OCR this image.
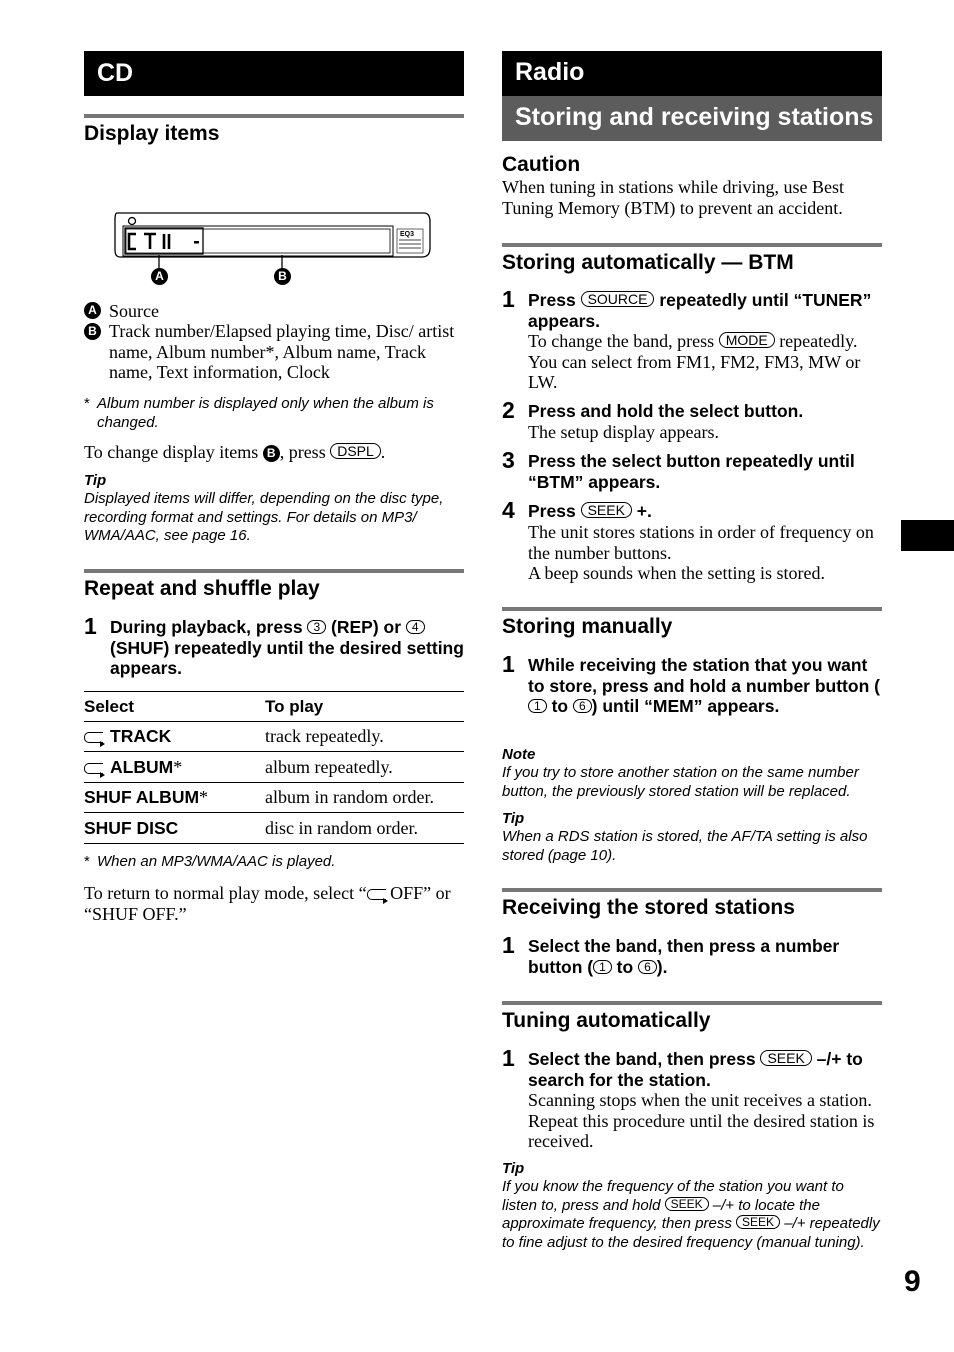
CD
Display items
EQ3
A	B
A Source
B Track number/Elapsed playing time, Disc/ artist name, Album number*, Album name, Track name, Text information, Clock
* Album number is displayed only when the album is changed.
To change display items B , press DSPL .
Tip
Displayed items will differ, depending on the disc type, recording format and settings. For details on MP3/ WMA/AAC, see page 16.
Repeat and shuffle play
1 During playback, press 3 (REP) or 4 (SHUF) repeatedly until the desired setting appears.
Select	To play
TRACK	track repeatedly.
ALBUM*	album repeatedly.
SHUF ALBUM*	album in random order.
SHUF DISC	disc in random order.
* When an MP3/WMA/AAC is played.
To return to normal play mode, select “ OFF” or “SHUF OFF.”
Radio
Storing and receiving stations
Caution
When tuning in stations while driving, use Best Tuning Memory (BTM) to prevent an accident.
Storing automatically — BTM
1 Press SOURCE repeatedly until “TUNER” appears.
To change the band, press MODE repeatedly. You can select from FM1, FM2, FM3, MW or LW.
2 Press and hold the select button.
The setup display appears.
3 Press the select button repeatedly until “BTM” appears.
4 Press SEEK +.
The unit stores stations in order of frequency on the number buttons.
A beep sounds when the setting is stored.
Storing manually
1 While receiving the station that you want to store, press and hold a number button (1 to 6 ) until “MEM” appears.
Note
If you try to store another station on the same number button, the previously stored station will be replaced.
Tip
When a RDS station is stored, the AF/TA setting is also stored (page 10).
Receiving the stored stations
1 Select the band, then press a number button ( 1 to 6 ).
Tuning automatically
1 Select the band, then press SEEK –/+ to search for the station.
Scanning stops when the unit receives a station. Repeat this procedure until the desired station is received.
Tip
If you know the frequency of the station you want to listen to, press and hold SEEK –/+ to locate the approximate frequency, then press SEEK –/+ repeatedly to fine adjust to the desired frequency (manual tuning).
9
